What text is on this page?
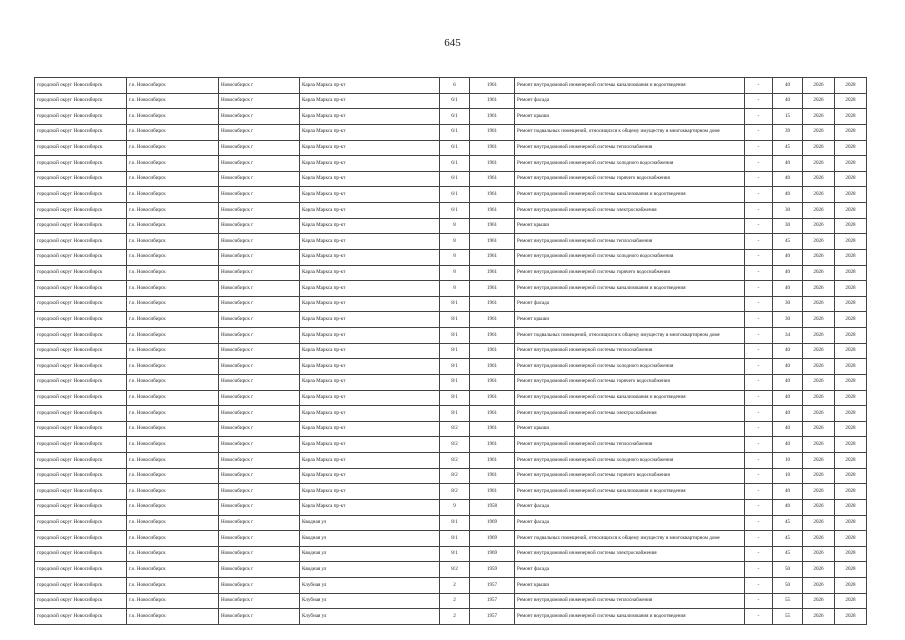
645
городской округ Новосибирск	г.о. Новосибирск	Новосибирск г	Карла Маркса пр-кт	6	1961	Ремонт внутридомовой инженерной системы канализования и водоотведения	-	40	2026	2028
городской округ Новосибирск	г.о. Новосибирск	Новосибирск г	Карла Маркса пр-кт	6/1	1961	Ремонт фасада	-	40	2026	2028
городской округ Новосибирск	г.о. Новосибирск	Новосибирск г	Карла Маркса пр-кт	6/1	1961	Ремонт крыши	-	15	2026	2028
городской округ Новосибирск	г.о. Новосибирск	Новосибирск г	Карла Маркса пр-кт	6/1	1961	Ремонт подвальных помещений, относящихся к общему имуществу в многоквартирном доме	-	39	2026	2028
городской округ Новосибирск	г.о. Новосибирск	Новосибирск г	Карла Маркса пр-кт	6/1	1961	Ремонт внутридомовой инженерной системы теплоснабжения	-	45	2026	2028
городской округ Новосибирск	г.о. Новосибирск	Новосибирск г	Карла Маркса пр-кт	6/1	1961	Ремонт внутридомовой инженерной системы холодного водоснабжения	-	40	2026	2028
городской округ Новосибирск	г.о. Новосибирск	Новосибирск г	Карла Маркса пр-кт	6/1	1961	Ремонт внутридомовой инженерной системы горячего водоснабжения	-	40	2026	2028
городской округ Новосибирск	г.о. Новосибирск	Новосибирск г	Карла Маркса пр-кт	6/1	1961	Ремонт внутридомовой инженерной системы канализования и водоотведения	-	40	2026	2028
городской округ Новосибирск	г.о. Новосибирск	Новосибирск г	Карла Маркса пр-кт	6/1	1961	Ремонт внутридомовой инженерной системы электроснабжения	-	30	2026	2028
городской округ Новосибирск	г.о. Новосибирск	Новосибирск г	Карла Маркса пр-кт	8	1961	Ремонт крыши	-	30	2026	2028
городской округ Новосибирск	г.о. Новосибирск	Новосибирск г	Карла Маркса пр-кт	8	1961	Ремонт внутридомовой инженерной системы теплоснабжения	-	45	2026	2028
городской округ Новосибирск	г.о. Новосибирск	Новосибирск г	Карла Маркса пр-кт	8	1961	Ремонт внутридомовой инженерной системы холодного водоснабжения	-	40	2026	2028
городской округ Новосибирск	г.о. Новосибирск	Новосибирск г	Карла Маркса пр-кт	8	1961	Ремонт внутридомовой инженерной системы горячего водоснабжения	-	40	2026	2028
городской округ Новосибирск	г.о. Новосибирск	Новосибирск г	Карла Маркса пр-кт	8	1961	Ремонт внутридомовой инженерной системы канализования и водоотведения	-	40	2026	2028
городской округ Новосибирск	г.о. Новосибирск	Новосибирск г	Карла Маркса пр-кт	8/1	1961	Ремонт фасада	-	30	2026	2028
городской округ Новосибирск	г.о. Новосибирск	Новосибирск г	Карла Маркса пр-кт	8/1	1961	Ремонт крыши	-	30	2026	2028
городской округ Новосибирск	г.о. Новосибирск	Новосибирск г	Карла Маркса пр-кт	8/1	1961	Ремонт подвальных помещений, относящихся к общему имуществу в многоквартирном доме	-	34	2026	2028
городской округ Новосибирск	г.о. Новосибирск	Новосибирск г	Карла Маркса пр-кт	8/1	1961	Ремонт внутридомовой инженерной системы теплоснабжения	-	40	2026	2028
городской округ Новосибирск	г.о. Новосибирск	Новосибирск г	Карла Маркса пр-кт	8/1	1961	Ремонт внутридомовой инженерной системы холодного водоснабжения	-	40	2026	2028
городской округ Новосибирск	г.о. Новосибирск	Новосибирск г	Карла Маркса пр-кт	8/1	1961	Ремонт внутридомовой инженерной системы горячего водоснабжения	-	40	2026	2028
городской округ Новосибирск	г.о. Новосибирск	Новосибирск г	Карла Маркса пр-кт	8/1	1961	Ремонт внутридомовой инженерной системы канализования и водоотведения	-	40	2026	2028
городской округ Новосибирск	г.о. Новосибирск	Новосибирск г	Карла Маркса пр-кт	8/1	1961	Ремонт внутридомовой инженерной системы электроснабжения	-	40	2026	2028
городской округ Новосибирск	г.о. Новосибирск	Новосибирск г	Карла Маркса пр-кт	8/2	1961	Ремонт крыши	-	40	2026	2028
городской округ Новосибирск	г.о. Новосибирск	Новосибирск г	Карла Маркса пр-кт	8/2	1961	Ремонт внутридомовой инженерной системы теплоснабжения	-	40	2026	2028
городской округ Новосибирск	г.о. Новосибирск	Новосибирск г	Карла Маркса пр-кт	8/2	1961	Ремонт внутридомовой инженерной системы холодного водоснабжения	-	10	2026	2028
городской округ Новосибирск	г.о. Новосибирск	Новосибирск г	Карла Маркса пр-кт	8/2	1961	Ремонт внутридомовой инженерной системы горячего водоснабжения	-	10	2026	2028
городской округ Новосибирск	г.о. Новосибирск	Новосибирск г	Карла Маркса пр-кт	8/2	1961	Ремонт внутридомовой инженерной системы канализования и водоотведения	-	40	2026	2028
городской округ Новосибирск	г.о. Новосибирск	Новосибирск г	Карла Маркса пр-кт	9	1958	Ремонт фасада	-	40	2026	2028
городской округ Новосибирск	г.о. Новосибирск	Новосибирск г	Кводная ул	8/1	1969	Ремонт фасада	-	45	2026	2028
городской округ Новосибирск	г.о. Новосибирск	Новосибирск г	Кводная ул	8/1	1969	Ремонт подвальных помещений, относящихся к общему имуществу в многоквартирном доме	-	45	2026	2028
городской округ Новосибирск	г.о. Новосибирск	Новосибирск г	Кводная ул	8/1	1969	Ремонт внутридомовой инженерной системы электроснабжения	-	45	2026	2028
городской округ Новосибирск	г.о. Новосибирск	Новосибирск г	Кводная ул	8/2	1959	Ремонт фасада	-	50	2026	2028
городской округ Новосибирск	г.о. Новосибирск	Новосибирск г	Клубная ул	2	1957	Ремонт крыши	-	50	2026	2028
городской округ Новосибирск	г.о. Новосибирск	Новосибирск г	Клубная ул	2	1957	Ремонт внутридомовой инженерной системы теплоснабжения	-	55	2026	2028
городской округ Новосибирск	г.о. Новосибирск	Новосибирск г	Клубная ул	2	1957	Ремонт внутридомовой инженерной системы канализования и водоотведения	-	55	2026	2028
